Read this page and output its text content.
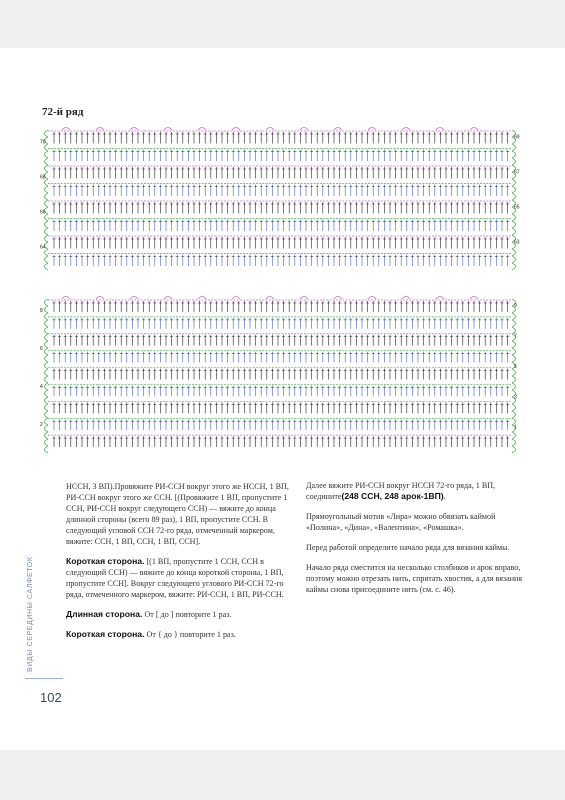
72-й ряд
70
68
66
64
69
67
65
63
8
6
4
2
9
7
5
3
1

НССН, 3 ВП).Провяжите РИ-ССН вокруг этого же НССН, 1 ВП, РИ-ССН вокруг этого же ССН. [(Провяжите 1 ВП, пропустите 1 ССН, РИ-ССН вокруг следующего ССН) — вяжите до конца длинной стороны (всего 89 раз), 1 ВП, пропустите ССН. В следующий угловой ССН 72-го ряда, отмеченный маркером, вяжите: ССН, 1 ВП, ССН, 1 ВП, ССН].

Короткая сторона. [(1 ВП, пропустите 1 ССН, ССН в следующий ССН) — вяжите до конца короткой стороны, 1 ВП, пропустите ССН]. Вокруг следующего углового РИ-ССН 72-го ряда, отмеченного маркером, вяжите: РИ-ССН, 1 ВП, РИ-ССН.

Длинная сторона. От [ до ] повторите 1 раз.

Короткая сторона. От { до } повторите 1 раз.

Далее вяжите РИ-ССН вокруг НССН 72-го ряда, 1 ВП, соедините(248 ССН, 248 арок-1ВП).

Прямоугольный мотив «Лира» можно обвязать каймой «Полина», «Дина», «Валентина», «Ромашка».

Перед работой определите начало ряда для вязания каймы.

Начало ряда сместится на несколько столбиков и арок вправо, поэтому можно отрезать нить, спрятать хвостик, а для вязания каймы снова присоедините нить (см. с. 46).

ВИДЫ СЕРЕДИНЫ САЛФЕТОК
102
